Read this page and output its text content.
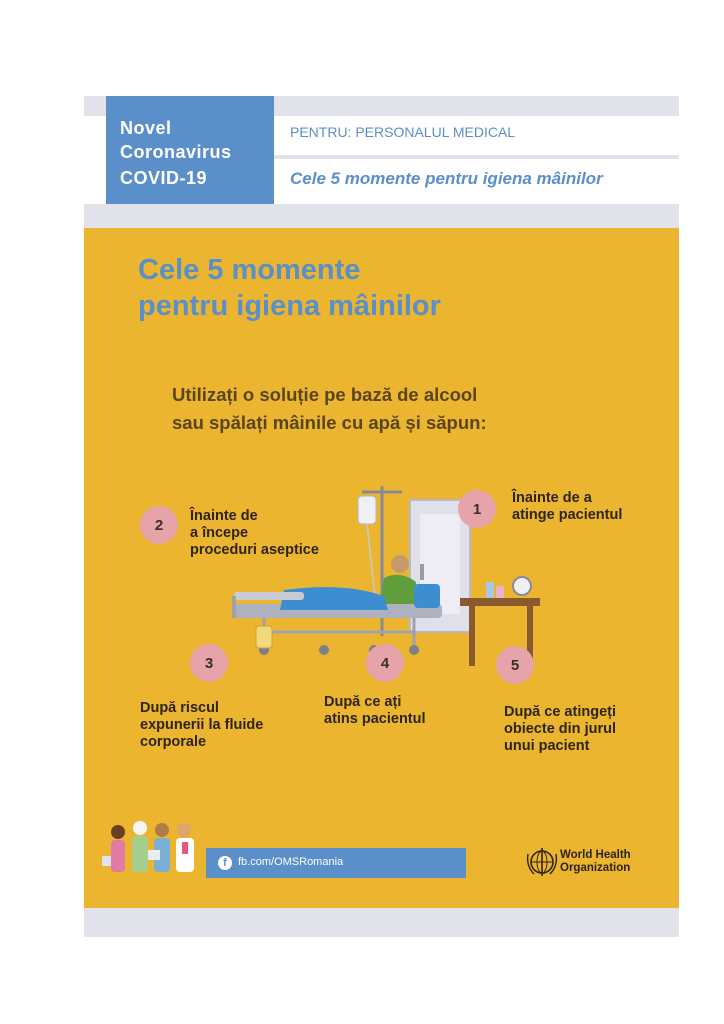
Novel
Coronavirus
COVID-19
PENTRU: PERSONALUL MEDICAL
Cele 5 momente pentru igiena mâinilor
Cele 5 momente
pentru igiena mâinilor
Utilizați o soluție pe bază de alcool
sau spălați mâinile cu apă și săpun:
1
Înainte de a
atinge pacientul
2
Înainte de
a începe
proceduri aseptice
3
După riscul
expunerii la fluide
corporale
4
După ce ați
atins pacientul
5
După ce atingeți
obiecte din jurul
unui pacient
f	fb.com/OMSRomania
World Health
Organization
